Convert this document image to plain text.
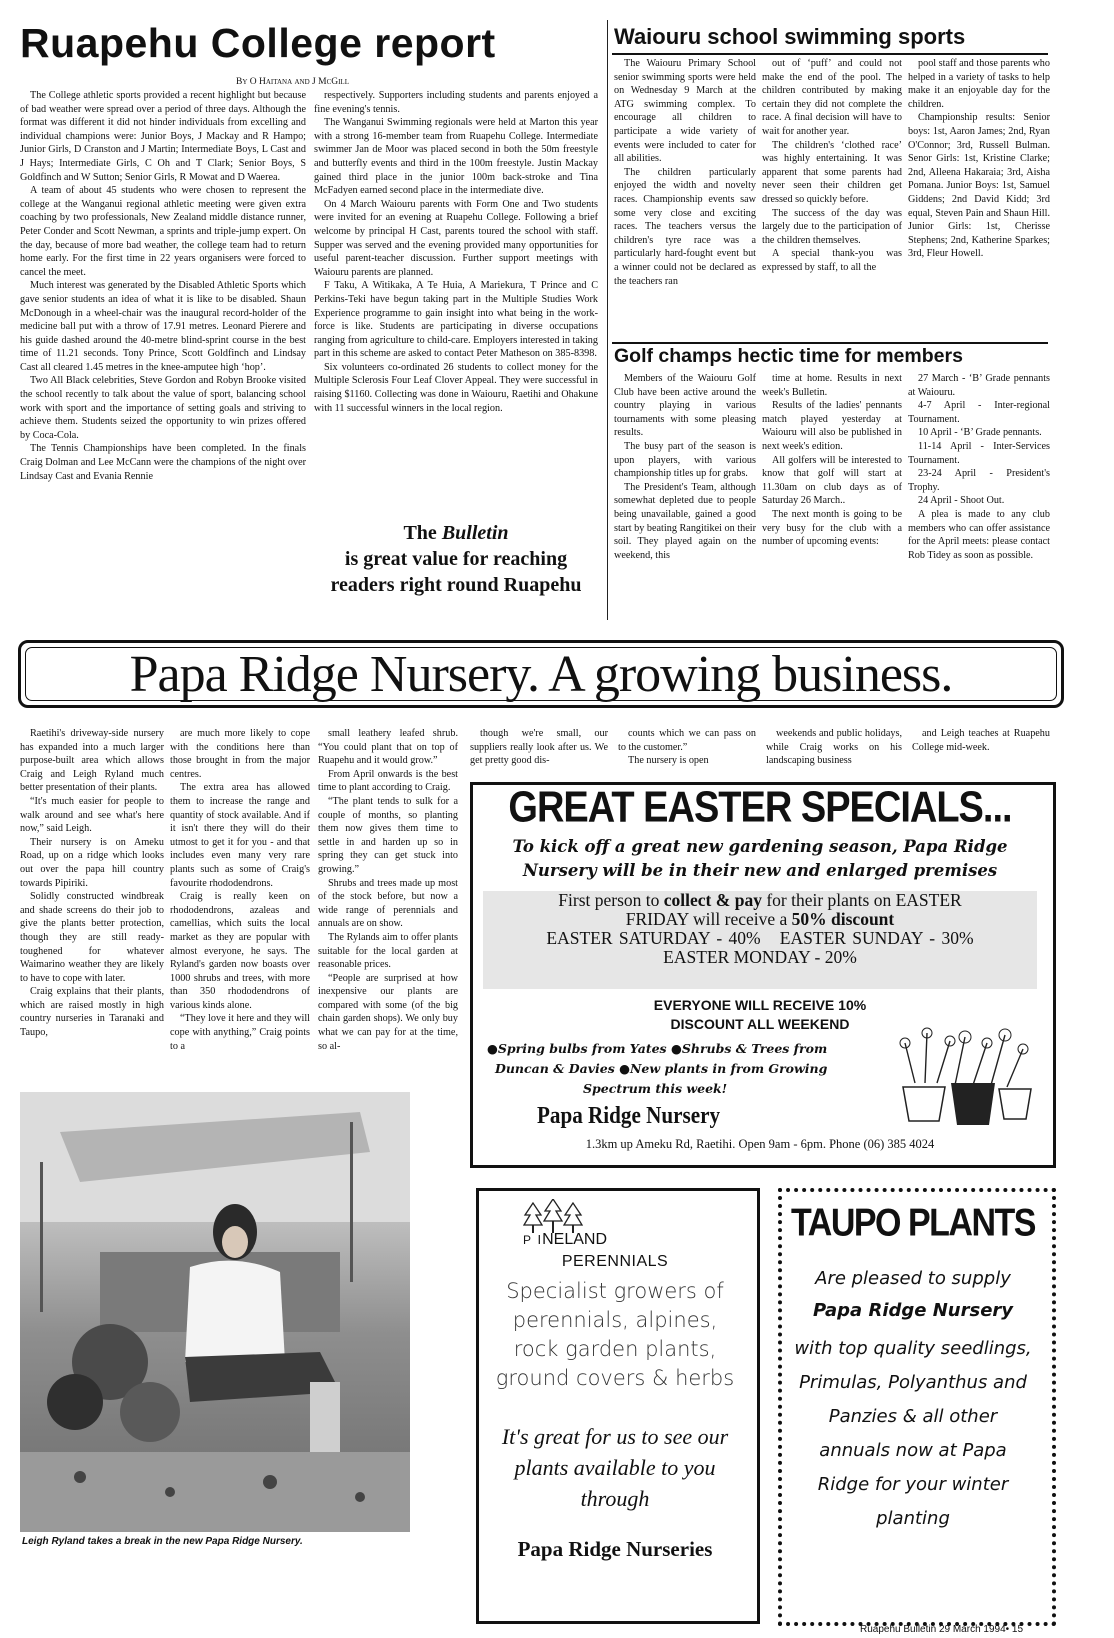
Ruapehu College report
By O Haitana and J McGill

The College athletic sports provided a recent highlight but because of bad weather were spread over a period of three days. Although the format was different it did not hinder individuals from excelling and individual champions were: Junior Boys, J Mackay and R Hampo; Junior Girls, D Cranston and J Martin; Intermediate Boys, L Cast and J Hays; Intermediate Girls, C Oh and T Clark; Senior Boys, S Goldfinch and W Sutton; Senior Girls, R Mowat and D Waerea.

A team of about 45 students who were chosen to represent the college at the Wanganui regional athletic meeting were given extra coaching by two professionals, New Zealand middle distance runner, Peter Conder and Scott Newman, a sprints and triple-jump expert. On the day, because of more bad weather, the college team had to return home early. For the first time in 22 years organisers were forced to cancel the meet.

Much interest was generated by the Disabled Athletic Sports which gave senior students an idea of what it is like to be disabled. Shaun McDonough in a wheel-chair was the inaugural record-holder of the medicine ball put with a throw of 17.91 metres. Leonard Pierere and his guide dashed around the 40-metre blind-sprint course in the best time of 11.21 seconds. Tony Prince, Scott Goldfinch and Lindsay Cast all cleared 1.45 metres in the knee-amputee high ‘hop’.

Two All Black celebrities, Steve Gordon and Robyn Brooke visited the school recently to talk about the value of sport, balancing school work with sport and the importance of setting goals and striving to achieve them. Students seized the opportunity to win prizes offered by Coca-Cola.

The Tennis Championships have been completed. In the finals Craig Dolman and Lee McCann were the champions of the night over Lindsay Cast and Evania Rennie

respectively. Supporters including students and parents enjoyed a fine evening's tennis.

The Wanganui Swimming regionals were held at Marton this year with a strong 16-member team from Ruapehu College. Intermediate swimmer Jan de Moor was placed second in both the 50m freestyle and butterfly events and third in the 100m freestyle. Justin Mackay gained third place in the junior 100m back-stroke and Tina McFadyen earned second place in the intermediate dive.

On 4 March Waiouru parents with Form One and Two students were invited for an evening at Ruapehu College. Following a brief welcome by principal H Cast, parents toured the school with staff. Supper was served and the evening provided many opportunities for useful parent-teacher discussion. Further support meetings with Waiouru parents are planned.

F Taku, A Witikaka, A Te Huia, A Mariekura, T Prince and C Perkins-Teki have begun taking part in the Multiple Studies Work Experience programme to gain insight into what being in the work-force is like. Students are participating in diverse occupations ranging from agriculture to child-care. Employers interested in taking part in this scheme are asked to contact Peter Matheson on 385-8398.

Six volunteers co-ordinated 26 students to collect money for the Multiple Sclerosis Four Leaf Clover Appeal. They were successful in raising $1160. Collecting was done in Waiouru, Raetihi and Ohakune with 11 successful winners in the local region.

The Bulletin
is great value for reaching readers right round Ruapehu
Waiouru school swimming sports

The Waiouru Primary School senior swimming sports were held on Wednesday 9 March at the ATG swimming complex. To encourage all children to participate a wide variety of events were included to cater for all abilities.

The children particularly enjoyed the width and novelty races. Championship events saw some very close and exciting races. The teachers versus the children's tyre race was a particularly hard-fought event but a winner could not be declared as the teachers ran

out of ‘puff’ and could not make the end of the pool. The children contributed by making certain they did not complete the race. A final decision will have to wait for another year.

The children's ‘clothed race’ was highly entertaining. It was apparent that some parents had never seen their children get dressed so quickly before.

The success of the day was largely due to the participation of the children themselves.

A special thank-you was expressed by staff, to all the

pool staff and those parents who helped in a variety of tasks to help make it an enjoyable day for the children.

Championship results: Senior boys: 1st, Aaron James; 2nd, Ryan O'Connor; 3rd, Russell Bulman. Senor Girls: 1st, Kristine Clarke; 2nd, Alleena Hakaraia; 3rd, Aisha Pomana. Junior Boys: 1st, Samuel Giddens; 2nd David Kidd; 3rd equal, Steven Pain and Shaun Hill. Junior Girls: 1st, Cherisse Stephens; 2nd, Katherine Sparkes; 3rd, Fleur Howell.

Golf champs hectic time for members

Members of the Waiouru Golf Club have been active around the country playing in various tournaments with some pleasing results.

The busy part of the season is upon players, with various championship titles up for grabs.

The President's Team, although somewhat depleted due to people being unavailable, gained a good start by beating Rangitikei on their soil. They played again on the weekend, this

time at home. Results in next week's Bulletin.

Results of the ladies' pennants match played yesterday at Waiouru will also be published in next week's edition.

All golfers will be interested to know that golf will start at 11.30am on club days as of Saturday 26 March..

The next month is going to be very busy for the club with a number of upcoming events:

27 March - ‘B’ Grade pennants at Waiouru.

4-7 April - Inter-regional Tournament.

10 April - ‘B’ Grade pennants.

11-14 April - Inter-Services Tournament.

23-24 April - President's Trophy.

24 April - Shoot Out.

A plea is made to any club members who can offer assistance for the April meets: please contact Rob Tidey as soon as possible.

Papa Ridge Nursery. A growing business.

Raetihi's driveway-side nursery has expanded into a much larger purpose-built area which allows Craig and Leigh Ryland much better presentation of their plants.

“It's much easier for people to walk around and see what's here now,” said Leigh.

Their nursery is on Ameku Road, up on a ridge which looks out over the papa hill country towards Pipiriki.

Solidly constructed windbreak and shade screens do their job to give the plants better protection, though they are still ready-toughened for whatever Waimarino weather they are likely to have to cope with later.

Craig explains that their plants, which are raised mostly in high country nurseries in Taranaki and Taupo,

are much more likely to cope with the conditions here than those brought in from the major centres.

The extra area has allowed them to increase the range and quantity of stock available. And if it isn't there they will do their utmost to get it for you - and that includes even many very rare plants such as some of Craig's favourite rhododendrons.

Craig is really keen on rhododendrons, azaleas and camellias, which suits the local market as they are popular with almost everyone, he says. The Ryland's garden now boasts over 1000 shrubs and trees, with more than 350 rhododendrons of various kinds alone.

“They love it here and they will cope with anything,” Craig points to a

small leathery leafed shrub. “You could plant that on top of Ruapehu and it would grow.”

From April onwards is the best time to plant according to Craig.

“The plant tends to sulk for a couple of months, so planting them now gives them time to settle in and harden up so in spring they can get stuck into growing.”

Shrubs and trees made up most of the stock before, but now a wide range of perennials and annuals are on show.

The Rylands aim to offer plants suitable for the local garden at reasonable prices.

“People are surprised at how inexpensive our plants are compared with some (of the big chain garden shops). We only buy what we can pay for at the time, so al-

though we're small, our suppliers really look after us. We get pretty good dis-

counts which we can pass on to the customer.”

The nursery is open

weekends and public holidays, while Craig works on his landscaping business

and Leigh teaches at Ruapehu College mid-week.

Leigh Ryland takes a break in the new Papa Ridge Nursery.
GREAT EASTER SPECIALS...
To kick off a great new gardening season, Papa Ridge
Nursery will be in their new and enlarged premises
First person to collect & pay for their plants on EASTER
FRIDAY will receive a 50% discount
EASTER SATURDAY - 40% EASTER SUNDAY - 30%
EASTER MONDAY - 20%
EVERYONE WILL RECEIVE 10%
DISCOUNT ALL WEEKEND
●Spring bulbs from Yates ●Shrubs & Trees from
Duncan & Davies ●New plants in from Growing
Spectrum this week!
Papa Ridge Nursery
1.3km up Ameku Rd, Raetihi. Open 9am - 6pm. Phone (06) 385 4024
P INELAND
PERENNIALS
Specialist growers of perennials, alpines, rock garden plants, ground covers & herbs
It's great for us to see our plants available to you through
Papa Ridge Nurseries
TAUPO PLANTS
Are pleased to supply
Papa Ridge Nursery
with top quality seedlings, Primulas, Polyanthus and Panzies & all other annuals now at Papa Ridge for your winter planting
Ruapehu Bulletin 29 March 1994• 15
